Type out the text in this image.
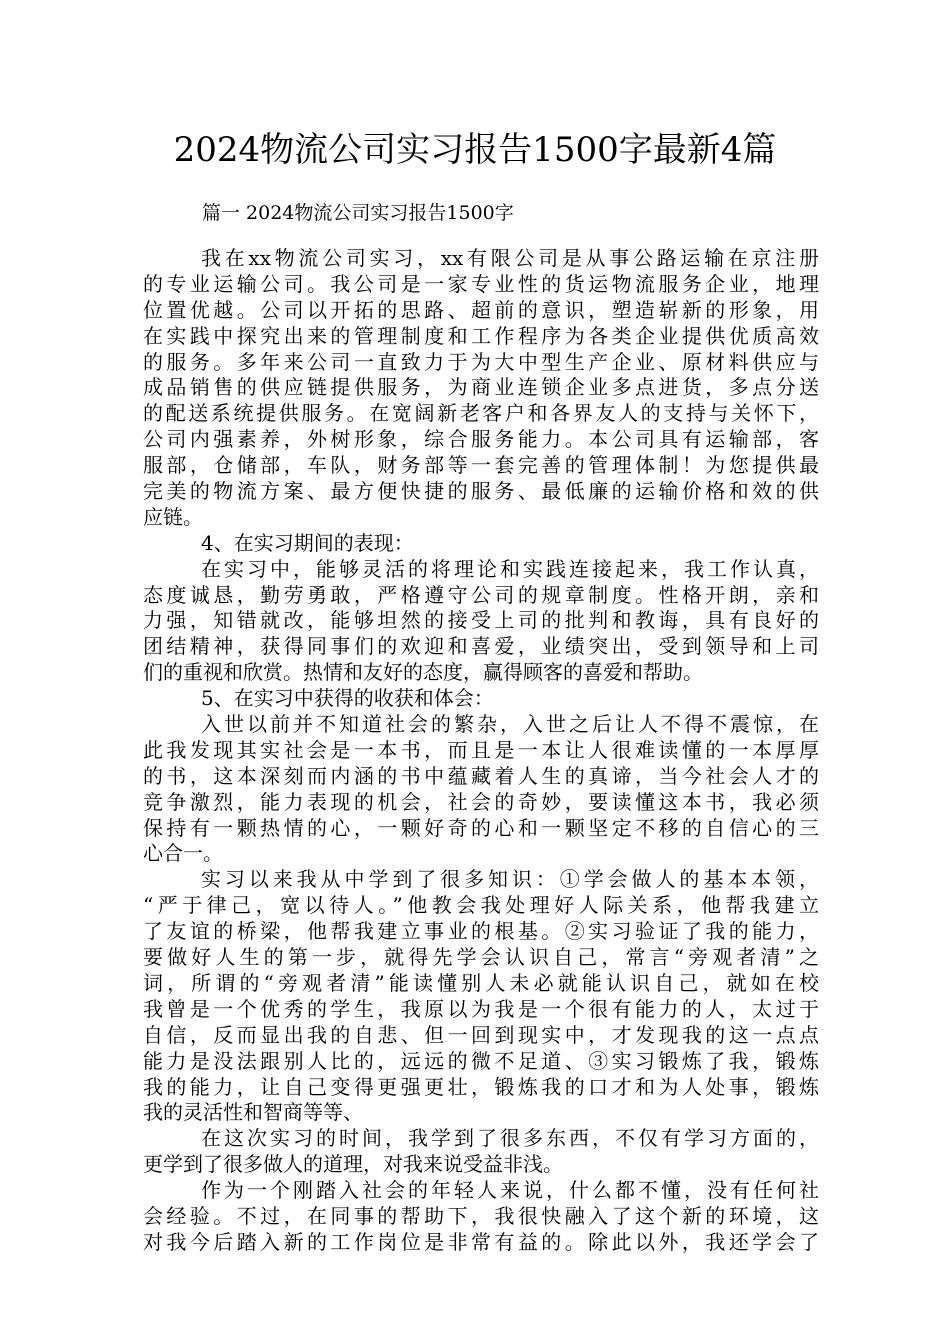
2024物流公司实习报告1500字最新4篇
篇一 2024物流公司实习报告1500字
我在xx物流公司实习，xx有限公司是从事公路运输在京注册
的专业运输公司。我公司是一家专业性的货运物流服务企业，地理
位置优越。公司以开拓的思路、超前的意识，塑造崭新的形象，用
在实践中探究出来的管理制度和工作程序为各类企业提供优质高效
的服务。多年来公司一直致力于为大中型生产企业、原材料供应与
成品销售的供应链提供服务，为商业连锁企业多点进货，多点分送
的配送系统提供服务。在宽阔新老客户和各界友人的支持与关怀下，
公司内强素养，外树形象，综合服务能力。本公司具有运输部，客
服部，仓储部，车队，财务部等一套完善的管理体制！为您提供最
完美的物流方案、最方便快捷的服务、最低廉的运输价格和效的供
应链。
4、在实习期间的表现：
在实习中，能够灵活的将理论和实践连接起来，我工作认真，
态度诚恳，勤劳勇敢，严格遵守公司的规章制度。性格开朗，亲和
力强，知错就改，能够坦然的接受上司的批判和教诲，具有良好的
团结精神，获得同事们的欢迎和喜爱，业绩突出，受到领导和上司
们的重视和欣赏。热情和友好的态度，赢得顾客的喜爱和帮助。
5、在实习中获得的收获和体会：
入世以前并不知道社会的繁杂，入世之后让人不得不震惊，在
此我发现其实社会是一本书，而且是一本让人很难读懂的一本厚厚
的书，这本深刻而内涵的书中蕴藏着人生的真谛，当今社会人才的
竞争激烈，能力表现的机会，社会的奇妙，要读懂这本书，我必须
保持有一颗热情的心，一颗好奇的心和一颗坚定不移的自信心的三
心合一。
实习以来我从中学到了很多知识：①学会做人的基本本领，
“严于律己，宽以待人。”他教会我处理好人际关系，他帮我建立
了友谊的桥梁，他帮我建立事业的根基。②实习验证了我的能力，
要做好人生的第一步，就得先学会认识自己，常言“旁观者清”之
词，所谓的“旁观者清”能读懂别人未必就能认识自己，就如在校
我曾是一个优秀的学生，我原以为我是一个很有能力的人，太过于
自信，反而显出我的自悲、但一回到现实中，才发现我的这一点点
能力是没法跟别人比的，远远的微不足道、③实习锻炼了我，锻炼
我的能力，让自己变得更强更壮，锻炼我的口才和为人处事，锻炼
我的灵活性和智商等等、
在这次实习的时间，我学到了很多东西，不仅有学习方面的，
更学到了很多做人的道理，对我来说受益非浅。
作为一个刚踏入社会的年轻人来说，什么都不懂，没有任何社
会经验。不过，在同事的帮助下，我很快融入了这个新的环境，这
对我今后踏入新的工作岗位是非常有益的。除此以外，我还学会了
